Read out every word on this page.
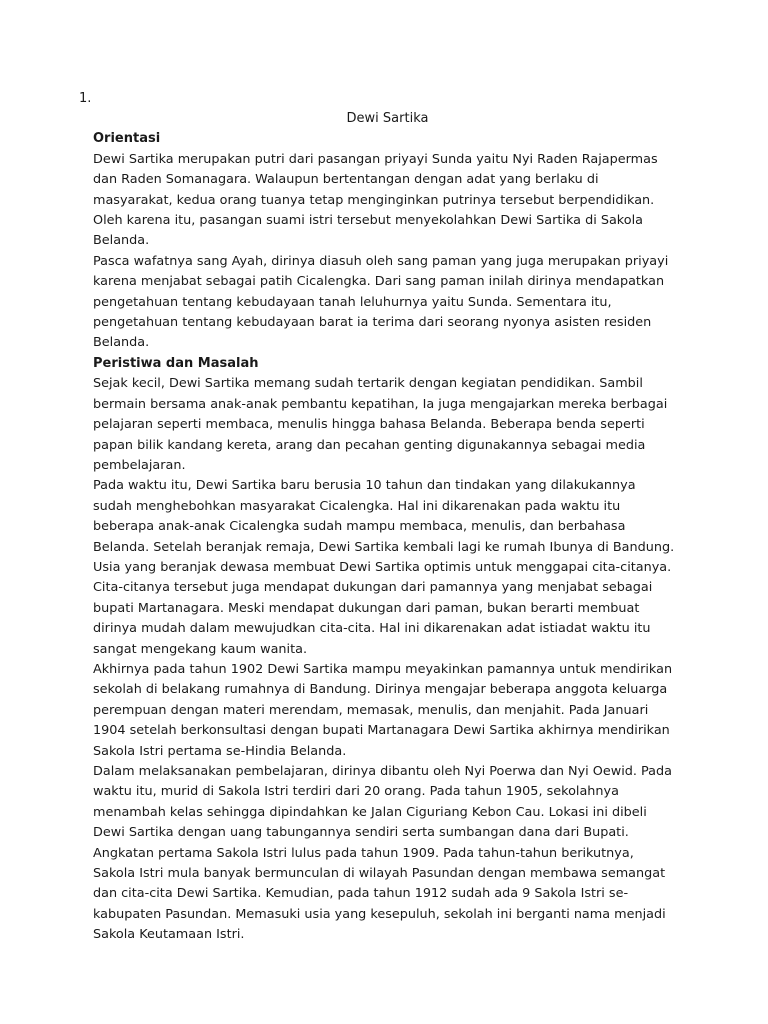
1.

Dewi Sartika
Orientasi

Dewi Sartika merupakan putri dari pasangan priyayi Sunda yaitu Nyi Raden Rajapermas dan Raden Somanagara. Walaupun bertentangan dengan adat yang berlaku di masyarakat, kedua orang tuanya tetap menginginkan putrinya tersebut berpendidikan. Oleh karena itu, pasangan suami istri tersebut menyekolahkan Dewi Sartika di Sakola Belanda.

Pasca wafatnya sang Ayah, dirinya diasuh oleh sang paman yang juga merupakan priyayi karena menjabat sebagai patih Cicalengka. Dari sang paman inilah dirinya mendapatkan pengetahuan tentang kebudayaan tanah leluhurnya yaitu Sunda. Sementara itu, pengetahuan tentang kebudayaan barat ia terima dari seorang nyonya asisten residen Belanda.

Peristiwa dan Masalah

Sejak kecil, Dewi Sartika memang sudah tertarik dengan kegiatan pendidikan. Sambil bermain bersama anak-anak pembantu kepatihan, Ia juga mengajarkan mereka berbagai pelajaran seperti membaca, menulis hingga bahasa Belanda. Beberapa benda seperti papan bilik kandang kereta, arang dan pecahan genting digunakannya sebagai media pembelajaran.

Pada waktu itu, Dewi Sartika baru berusia 10 tahun dan tindakan yang dilakukannya sudah menghebohkan masyarakat Cicalengka. Hal ini dikarenakan pada waktu itu beberapa anak-anak Cicalengka sudah mampu membaca, menulis, dan berbahasa Belanda. Setelah beranjak remaja, Dewi Sartika kembali lagi ke rumah Ibunya di Bandung.

Usia yang beranjak dewasa membuat Dewi Sartika optimis untuk menggapai cita-citanya. Cita-citanya tersebut juga mendapat dukungan dari pamannya yang menjabat sebagai bupati Martanagara. Meski mendapat dukungan dari paman, bukan berarti membuat dirinya mudah dalam mewujudkan cita-cita. Hal ini dikarenakan adat istiadat waktu itu sangat mengekang kaum wanita.

Akhirnya pada tahun 1902 Dewi Sartika mampu meyakinkan pamannya untuk mendirikan sekolah di belakang rumahnya di Bandung. Dirinya mengajar beberapa anggota keluarga perempuan dengan materi merendam, memasak, menulis, dan menjahit. Pada Januari 1904 setelah berkonsultasi dengan bupati Martanagara Dewi Sartika akhirnya mendirikan Sakola Istri pertama se-Hindia Belanda.

Dalam melaksanakan pembelajaran, dirinya dibantu oleh Nyi Poerwa dan Nyi Oewid. Pada waktu itu, murid di Sakola Istri terdiri dari 20 orang. Pada tahun 1905, sekolahnya menambah kelas sehingga dipindahkan ke Jalan Ciguriang Kebon Cau. Lokasi ini dibeli Dewi Sartika dengan uang tabungannya sendiri serta sumbangan dana dari Bupati.

Angkatan pertama Sakola Istri lulus pada tahun 1909. Pada tahun-tahun berikutnya, Sakola Istri mula banyak bermunculan di wilayah Pasundan dengan membawa semangat dan cita-cita Dewi Sartika. Kemudian, pada tahun 1912 sudah ada 9 Sakola Istri se-kabupaten Pasundan. Memasuki usia yang kesepuluh, sekolah ini berganti nama menjadi Sakola Keutamaan Istri.
